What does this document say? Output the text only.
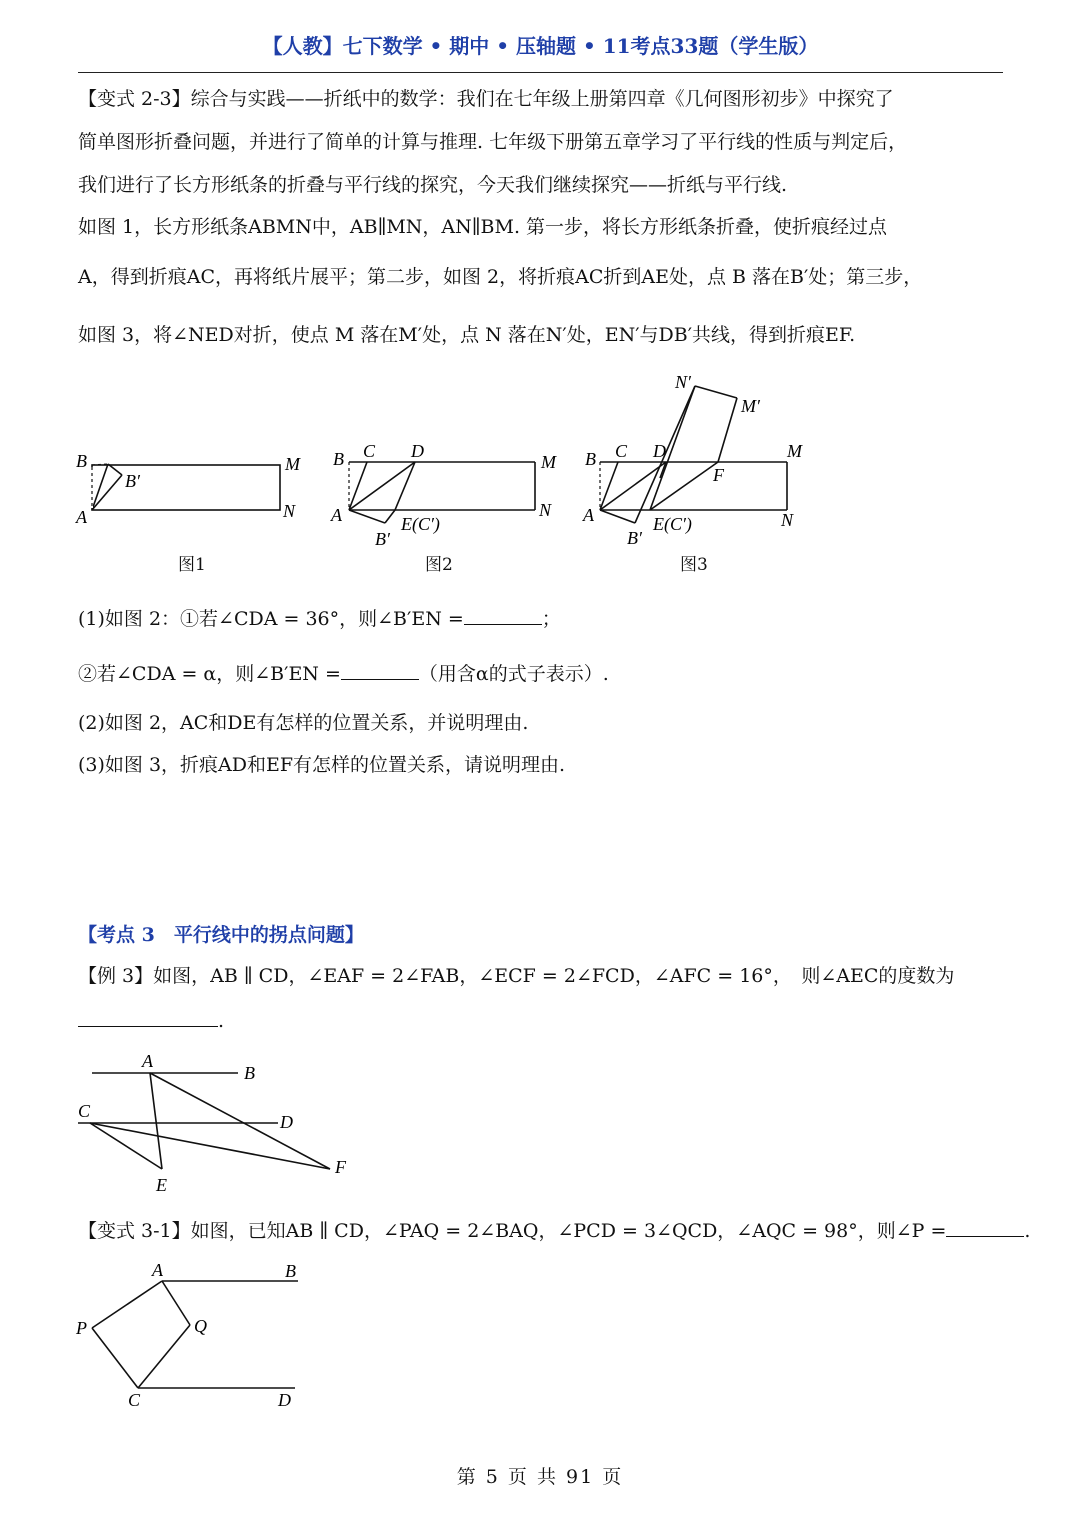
【人教】七下数学 • 期中 • 压轴题 • 11考点33题（学生版）
【变式 2-3】综合与实践——折纸中的数学：我们在七年级上册第四章《几何图形初步》中探究了
简单图形折叠问题，并进行了简单的计算与推理. 七年级下册第五章学习了平行线的性质与判定后，
我们进行了长方形纸条的折叠与平行线的探究，今天我们继续探究——折纸与平行线.
如图 1，长方形纸条ABMN中，AB∥MN，AN∥BM. 第一步，将长方形纸条折叠，使折痕经过点
A，得到折痕AC，再将纸片展平；第二步，如图 2，将折痕AC折到AE处，点 B 落在B′处；第三步，
如图 3，将∠NED对折，使点 M 落在M′处，点 N 落在N′处，EN′与DB′共线，得到折痕EF.
B
B′
A
M
N
图1
B C D
M
A	E(C′)
N
B′
图2
N′
M′
B C D	M
F
A	E(C′)	N
B′
图3
(1)如图 2：①若∠CDA = 36°，则∠B′EN =	；
②若∠CDA = α，则∠B′EN =	（用含α的式子表示）.
(2)如图 2，AC和DE有怎样的位置关系，并说明理由.
(3)如图 3，折痕AD和EF有怎样的位置关系，请说明理由.
【考点 3　平行线中的拐点问题】
【例 3】如图，AB ∥ CD，∠EAF = 2∠FAB，∠ECF = 2∠FCD，∠AFC = 16°，　则∠AEC的度数为
.
A
B
C
D
E
F
【变式 3-1】如图，已知AB ∥ CD，∠PAQ = 2∠BAQ，∠PCD = 3∠QCD，∠AQC = 98°，则∠P =	.
A	B
P	Q
C	D
第 5 页 共 91 页
